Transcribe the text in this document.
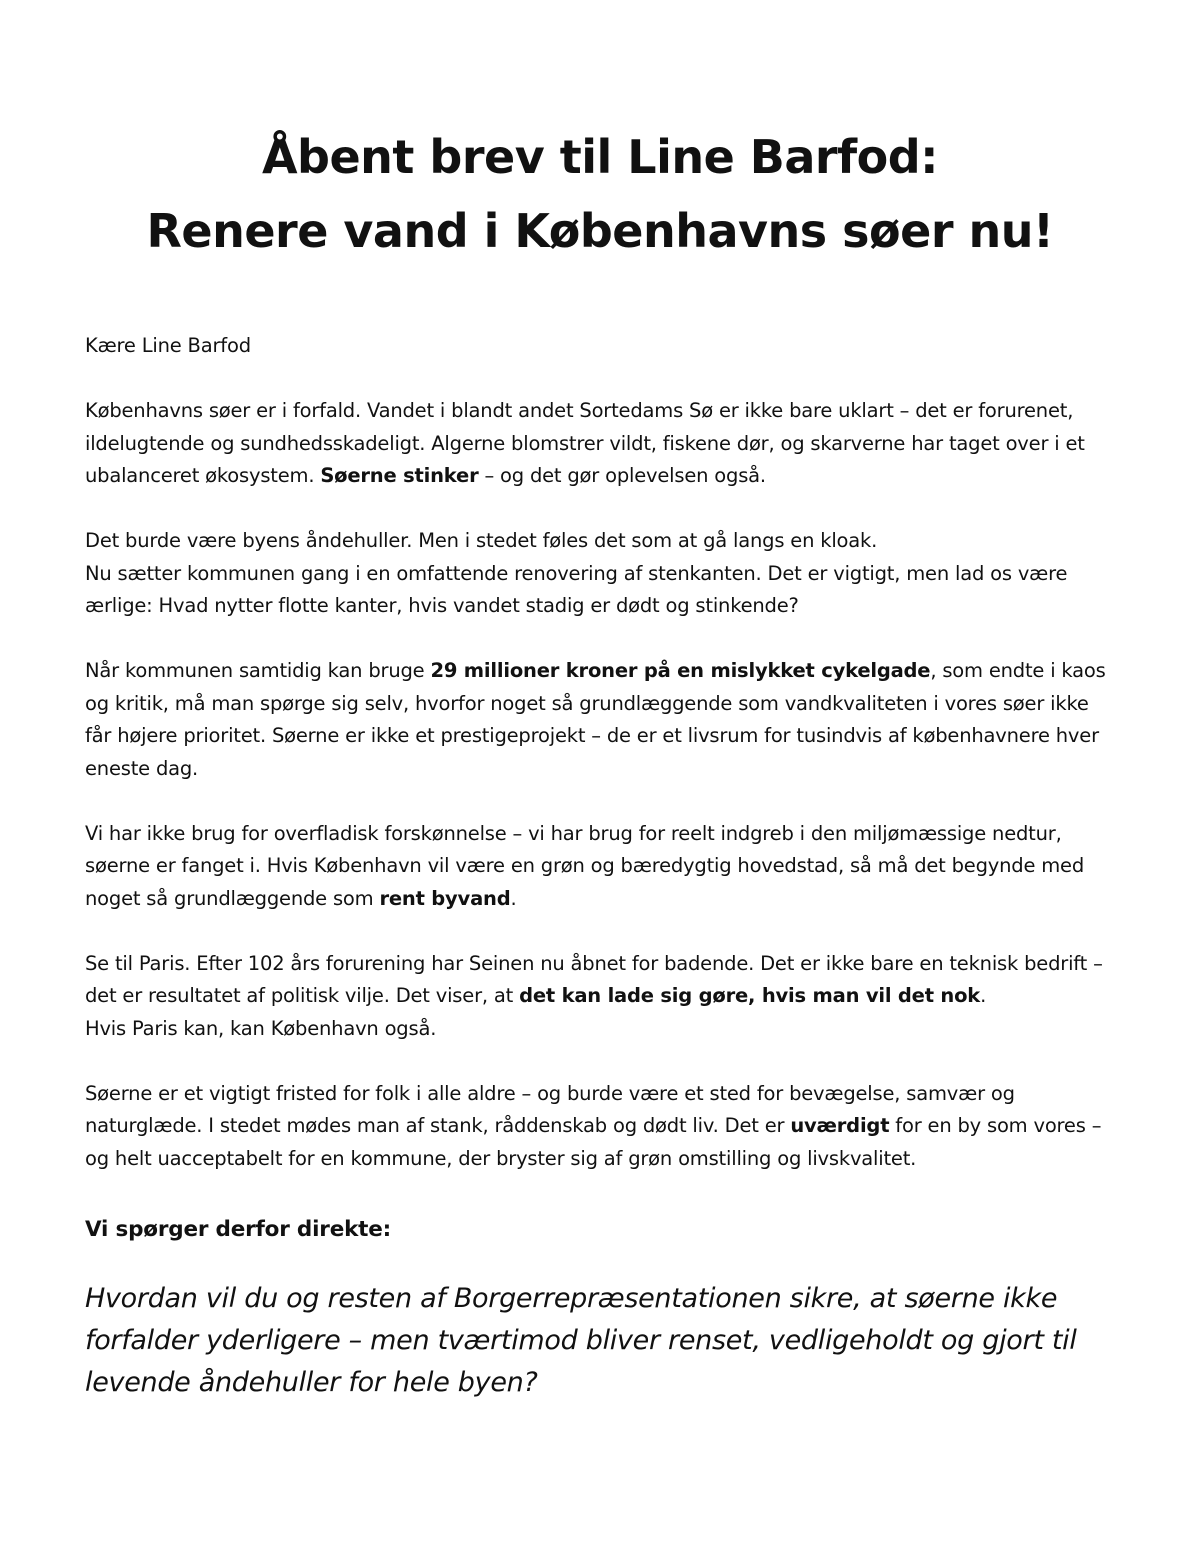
Åbent brev til Line Barfod:
Renere vand i Københavns søer nu!

Kære Line Barfod

Københavns søer er i forfald. Vandet i blandt andet Sortedams Sø er ikke bare uklart – det er forurenet, ildelugtende og sundhedsskadeligt. Algerne blomstrer vildt, fiskene dør, og skarverne har taget over i et ubalanceret økosystem. Søerne stinker – og det gør oplevelsen også.

Det burde være byens åndehuller. Men i stedet føles det som at gå langs en kloak.
Nu sætter kommunen gang i en omfattende renovering af stenkanten. Det er vigtigt, men lad os være ærlige: Hvad nytter flotte kanter, hvis vandet stadig er dødt og stinkende?

Når kommunen samtidig kan bruge 29 millioner kroner på en mislykket cykelgade, som endte i kaos og kritik, må man spørge sig selv, hvorfor noget så grundlæggende som vandkvaliteten i vores søer ikke får højere prioritet. Søerne er ikke et prestigeprojekt – de er et livsrum for tusindvis af københavnere hver eneste dag.

Vi har ikke brug for overfladisk forskønnelse – vi har brug for reelt indgreb i den miljømæssige nedtur, søerne er fanget i. Hvis København vil være en grøn og bæredygtig hovedstad, så må det begynde med noget så grundlæggende som rent byvand.

Se til Paris. Efter 102 års forurening har Seinen nu åbnet for badende. Det er ikke bare en teknisk bedrift – det er resultatet af politisk vilje. Det viser, at det kan lade sig gøre, hvis man vil det nok.
Hvis Paris kan, kan København også.

Søerne er et vigtigt fristed for folk i alle aldre – og burde være et sted for bevægelse, samvær og naturglæde. I stedet mødes man af stank, råddenskab og dødt liv. Det er uværdigt for en by som vores – og helt uacceptabelt for en kommune, der bryster sig af grøn omstilling og livskvalitet.

Vi spørger derfor direkte:

Hvordan vil du og resten af Borgerrepræsentationen sikre, at søerne ikke forfalder yderligere – men tværtimod bliver renset, vedligeholdt og gjort til levende åndehuller for hele byen?
